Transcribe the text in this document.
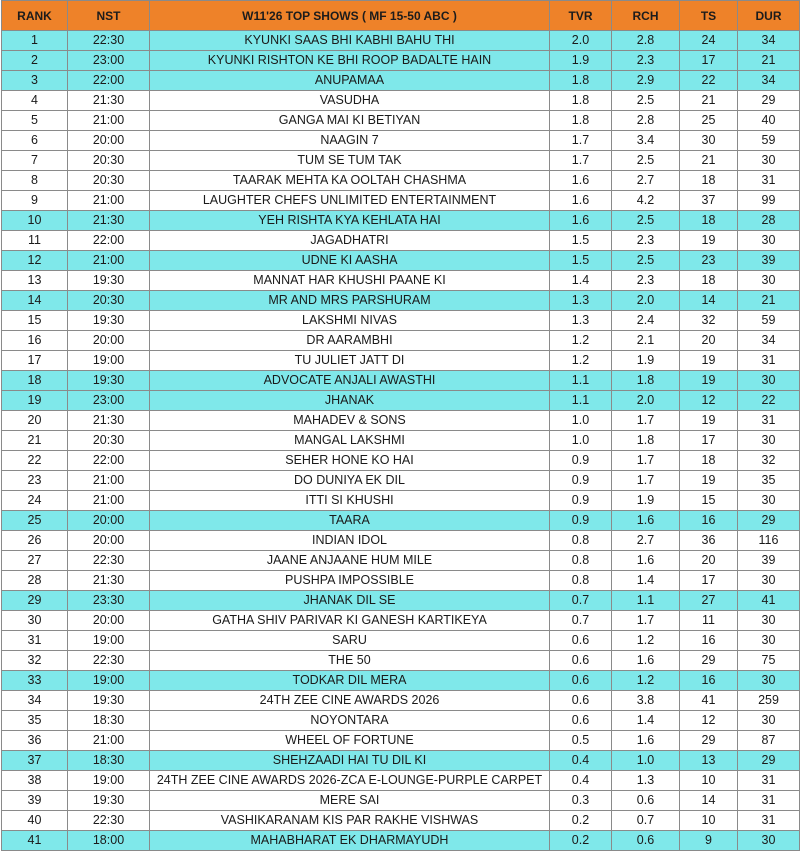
RANK	NST	W11'26 TOP SHOWS ( MF 15-50 ABC )	TVR	RCH	TS	DUR
1	22:30	KYUNKI SAAS BHI KABHI BAHU THI	2.0	2.8	24	34
2	23:00	KYUNKI RISHTON KE BHI ROOP BADALTE HAIN	1.9	2.3	17	21
3	22:00	ANUPAMAA	1.8	2.9	22	34
4	21:30	VASUDHA	1.8	2.5	21	29
5	21:00	GANGA MAI KI BETIYAN	1.8	2.8	25	40
6	20:00	NAAGIN 7	1.7	3.4	30	59
7	20:30	TUM SE TUM TAK	1.7	2.5	21	30
8	20:30	TAARAK MEHTA KA OOLTAH CHASHMA	1.6	2.7	18	31
9	21:00	LAUGHTER CHEFS UNLIMITED ENTERTAINMENT	1.6	4.2	37	99
10	21:30	YEH RISHTA KYA KEHLATA HAI	1.6	2.5	18	28
11	22:00	JAGADHATRI	1.5	2.3	19	30
12	21:00	UDNE KI AASHA	1.5	2.5	23	39
13	19:30	MANNAT HAR KHUSHI PAANE KI	1.4	2.3	18	30
14	20:30	MR AND MRS PARSHURAM	1.3	2.0	14	21
15	19:30	LAKSHMI NIVAS	1.3	2.4	32	59
16	20:00	DR AARAMBHI	1.2	2.1	20	34
17	19:00	TU JULIET JATT DI	1.2	1.9	19	31
18	19:30	ADVOCATE ANJALI AWASTHI	1.1	1.8	19	30
19	23:00	JHANAK	1.1	2.0	12	22
20	21:30	MAHADEV & SONS	1.0	1.7	19	31
21	20:30	MANGAL LAKSHMI	1.0	1.8	17	30
22	22:00	SEHER HONE KO HAI	0.9	1.7	18	32
23	21:00	DO DUNIYA EK DIL	0.9	1.7	19	35
24	21:00	ITTI SI KHUSHI	0.9	1.9	15	30
25	20:00	TAARA	0.9	1.6	16	29
26	20:00	INDIAN IDOL	0.8	2.7	36	116
27	22:30	JAANE ANJAANE HUM MILE	0.8	1.6	20	39
28	21:30	PUSHPA IMPOSSIBLE	0.8	1.4	17	30
29	23:30	JHANAK DIL SE	0.7	1.1	27	41
30	20:00	GATHA SHIV PARIVAR KI GANESH KARTIKEYA	0.7	1.7	11	30
31	19:00	SARU	0.6	1.2	16	30
32	22:30	THE 50	0.6	1.6	29	75
33	19:00	TODKAR DIL MERA	0.6	1.2	16	30
34	19:30	24TH ZEE CINE AWARDS 2026	0.6	3.8	41	259
35	18:30	NOYONTARA	0.6	1.4	12	30
36	21:00	WHEEL OF FORTUNE	0.5	1.6	29	87
37	18:30	SHEHZAADI HAI TU DIL KI	0.4	1.0	13	29
38	19:00	24TH ZEE CINE AWARDS 2026-ZCA E-LOUNGE-PURPLE CARPET	0.4	1.3	10	31
39	19:30	MERE SAI	0.3	0.6	14	31
40	22:30	VASHIKARANAM KIS PAR RAKHE VISHWAS	0.2	0.7	10	31
41	18:00	MAHABHARAT EK DHARMAYUDH	0.2	0.6	9	30
